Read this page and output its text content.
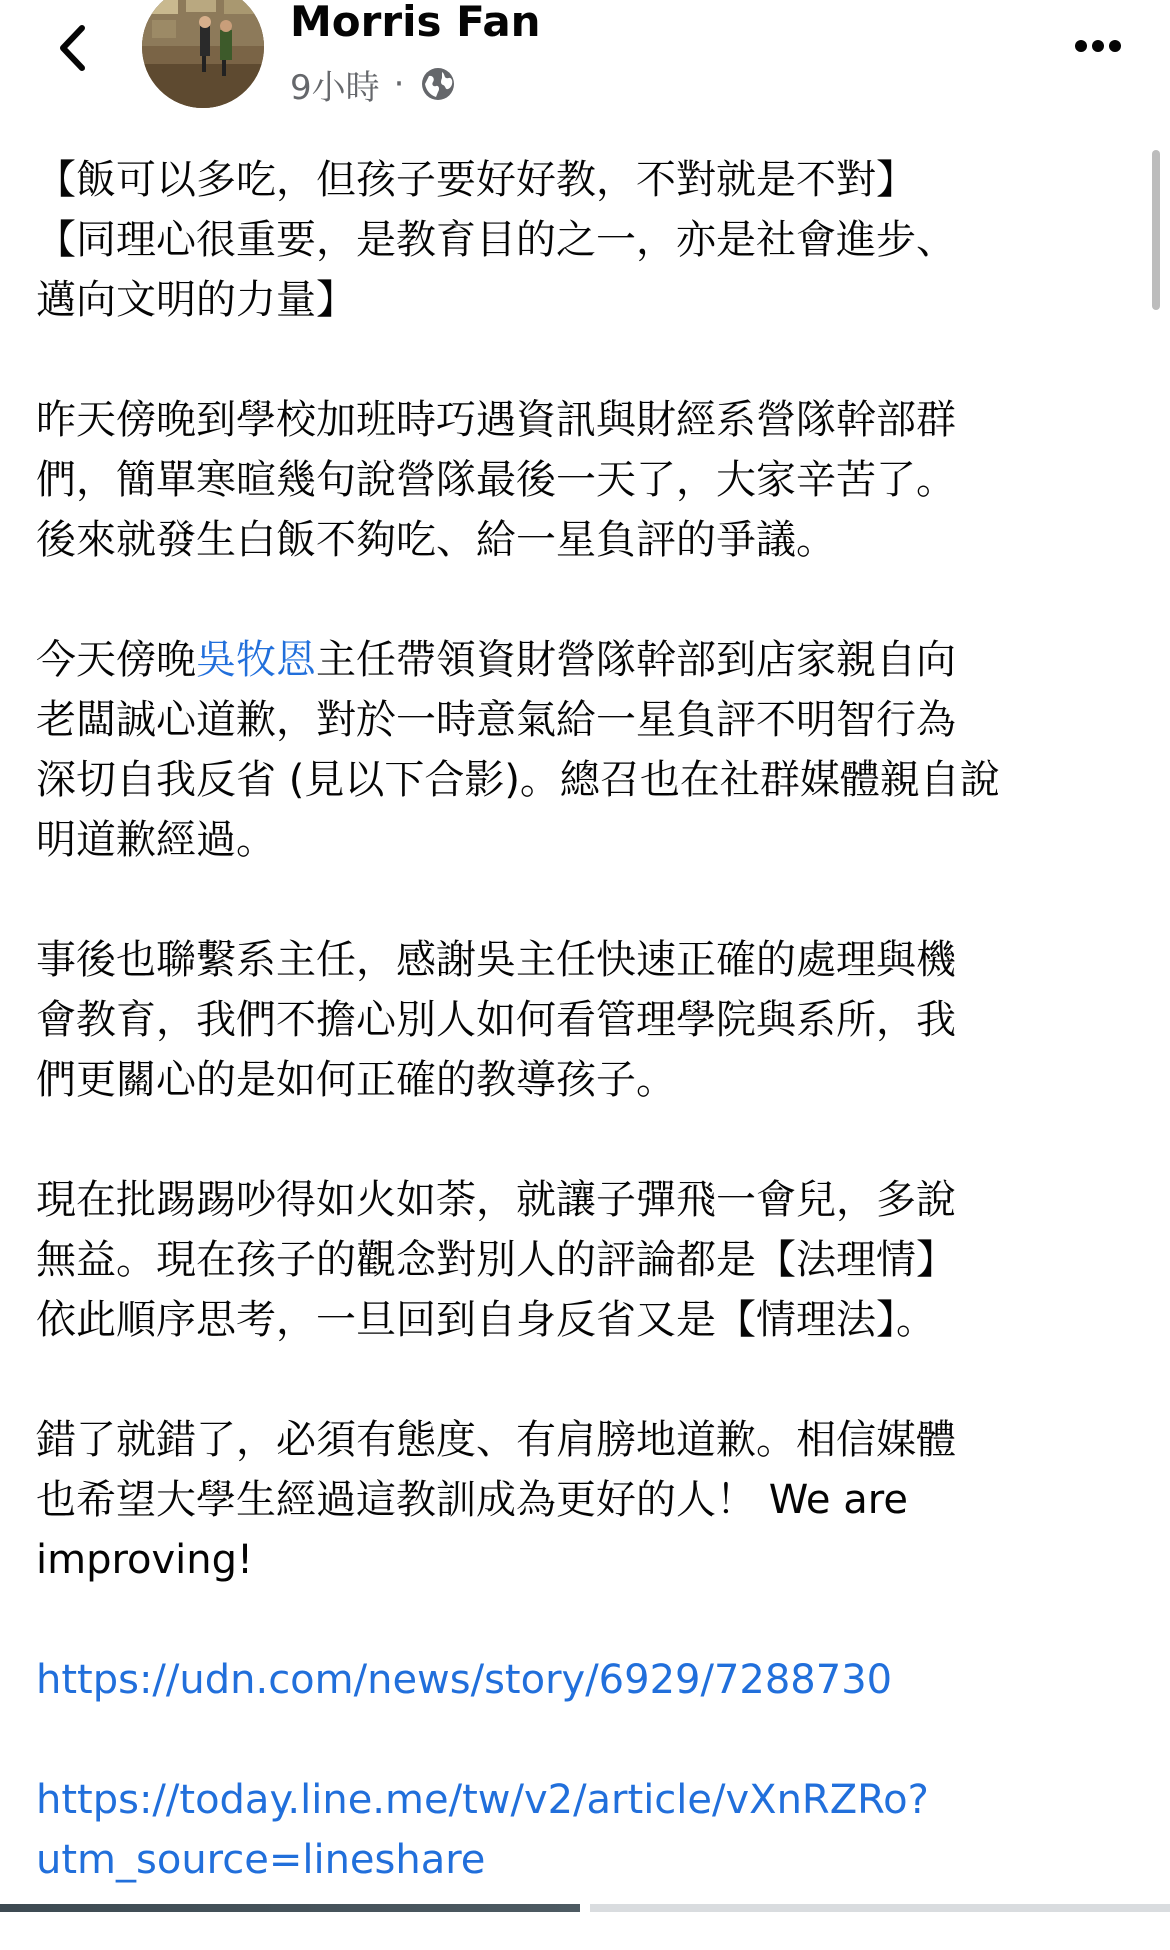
Morris Fan
9小時 ·

【飯可以多吃，但孩子要好好教，不對就是不對】
【同理心很重要，是教育目的之一，亦是社會進步、
邁向文明的力量】

昨天傍晚到學校加班時巧遇資訊與財經系營隊幹部群
們，簡單寒暄幾句說營隊最後一天了，大家辛苦了。
後來就發生白飯不夠吃、給一星負評的爭議。

今天傍晚吳牧恩主任帶領資財營隊幹部到店家親自向
老闆誠心道歉，對於一時意氣給一星負評不明智行為
深切自我反省 (見以下合影)。總召也在社群媒體親自說
明道歉經過。

事後也聯繫系主任，感謝吳主任快速正確的處理與機
會教育，我們不擔心別人如何看管理學院與系所，我
們更關心的是如何正確的教導孩子。

現在批踢踢吵得如火如荼，就讓子彈飛一會兒，多說
無益。現在孩子的觀念對別人的評論都是【法理情】
依此順序思考，一旦回到自身反省又是【情理法】。

錯了就錯了，必須有態度、有肩膀地道歉。相信媒體
也希望大學生經過這教訓成為更好的人！ We are
improving!

https://udn.com/news/story/6929/7288730

https://today.line.me/tw/v2/article/vXnRZRo?
utm_source=lineshare
